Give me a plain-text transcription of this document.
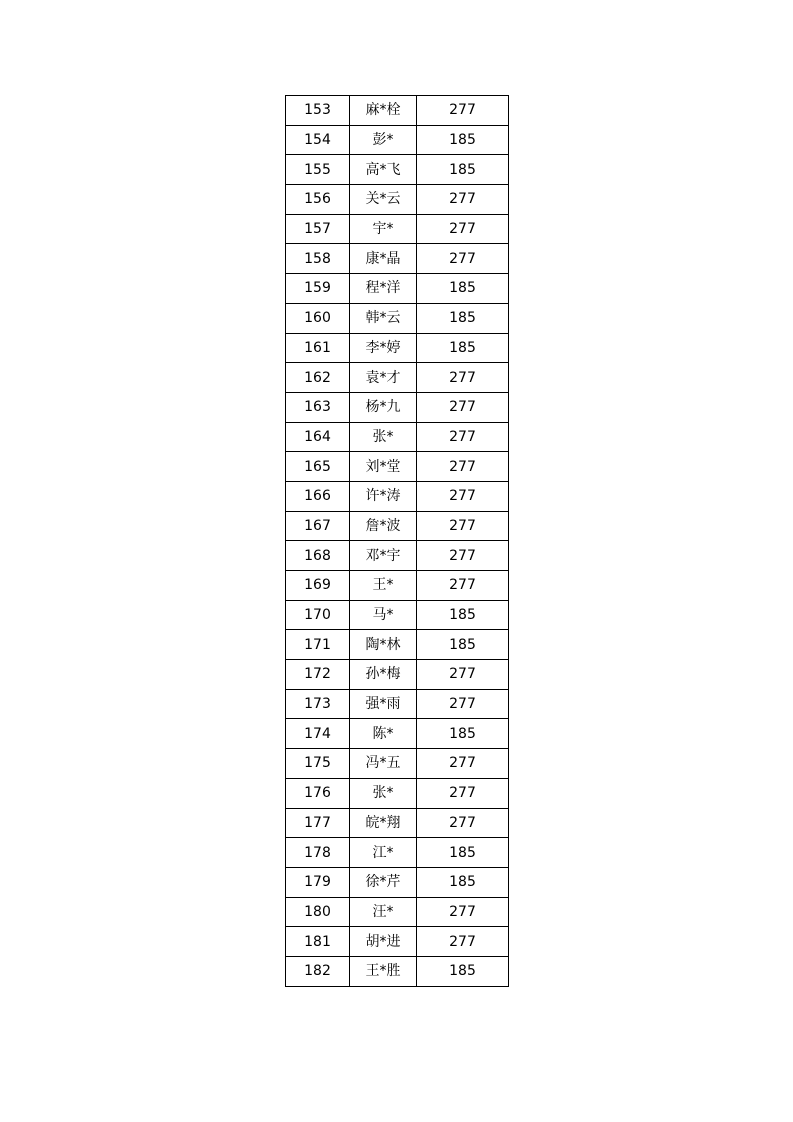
153	麻*栓	277
154	彭*	185
155	高*飞	185
156	关*云	277
157	宇*	277
158	康*晶	277
159	程*洋	185
160	韩*云	185
161	李*婷	185
162	袁*才	277
163	杨*九	277
164	张*	277
165	刘*堂	277
166	许*涛	277
167	詹*波	277
168	邓*宇	277
169	王*	277
170	马*	185
171	陶*林	185
172	孙*梅	277
173	强*雨	277
174	陈*	185
175	冯*五	277
176	张*	277
177	皖*翔	277
178	江*	185
179	徐*芹	185
180	汪*	277
181	胡*进	277
182	王*胜	185
